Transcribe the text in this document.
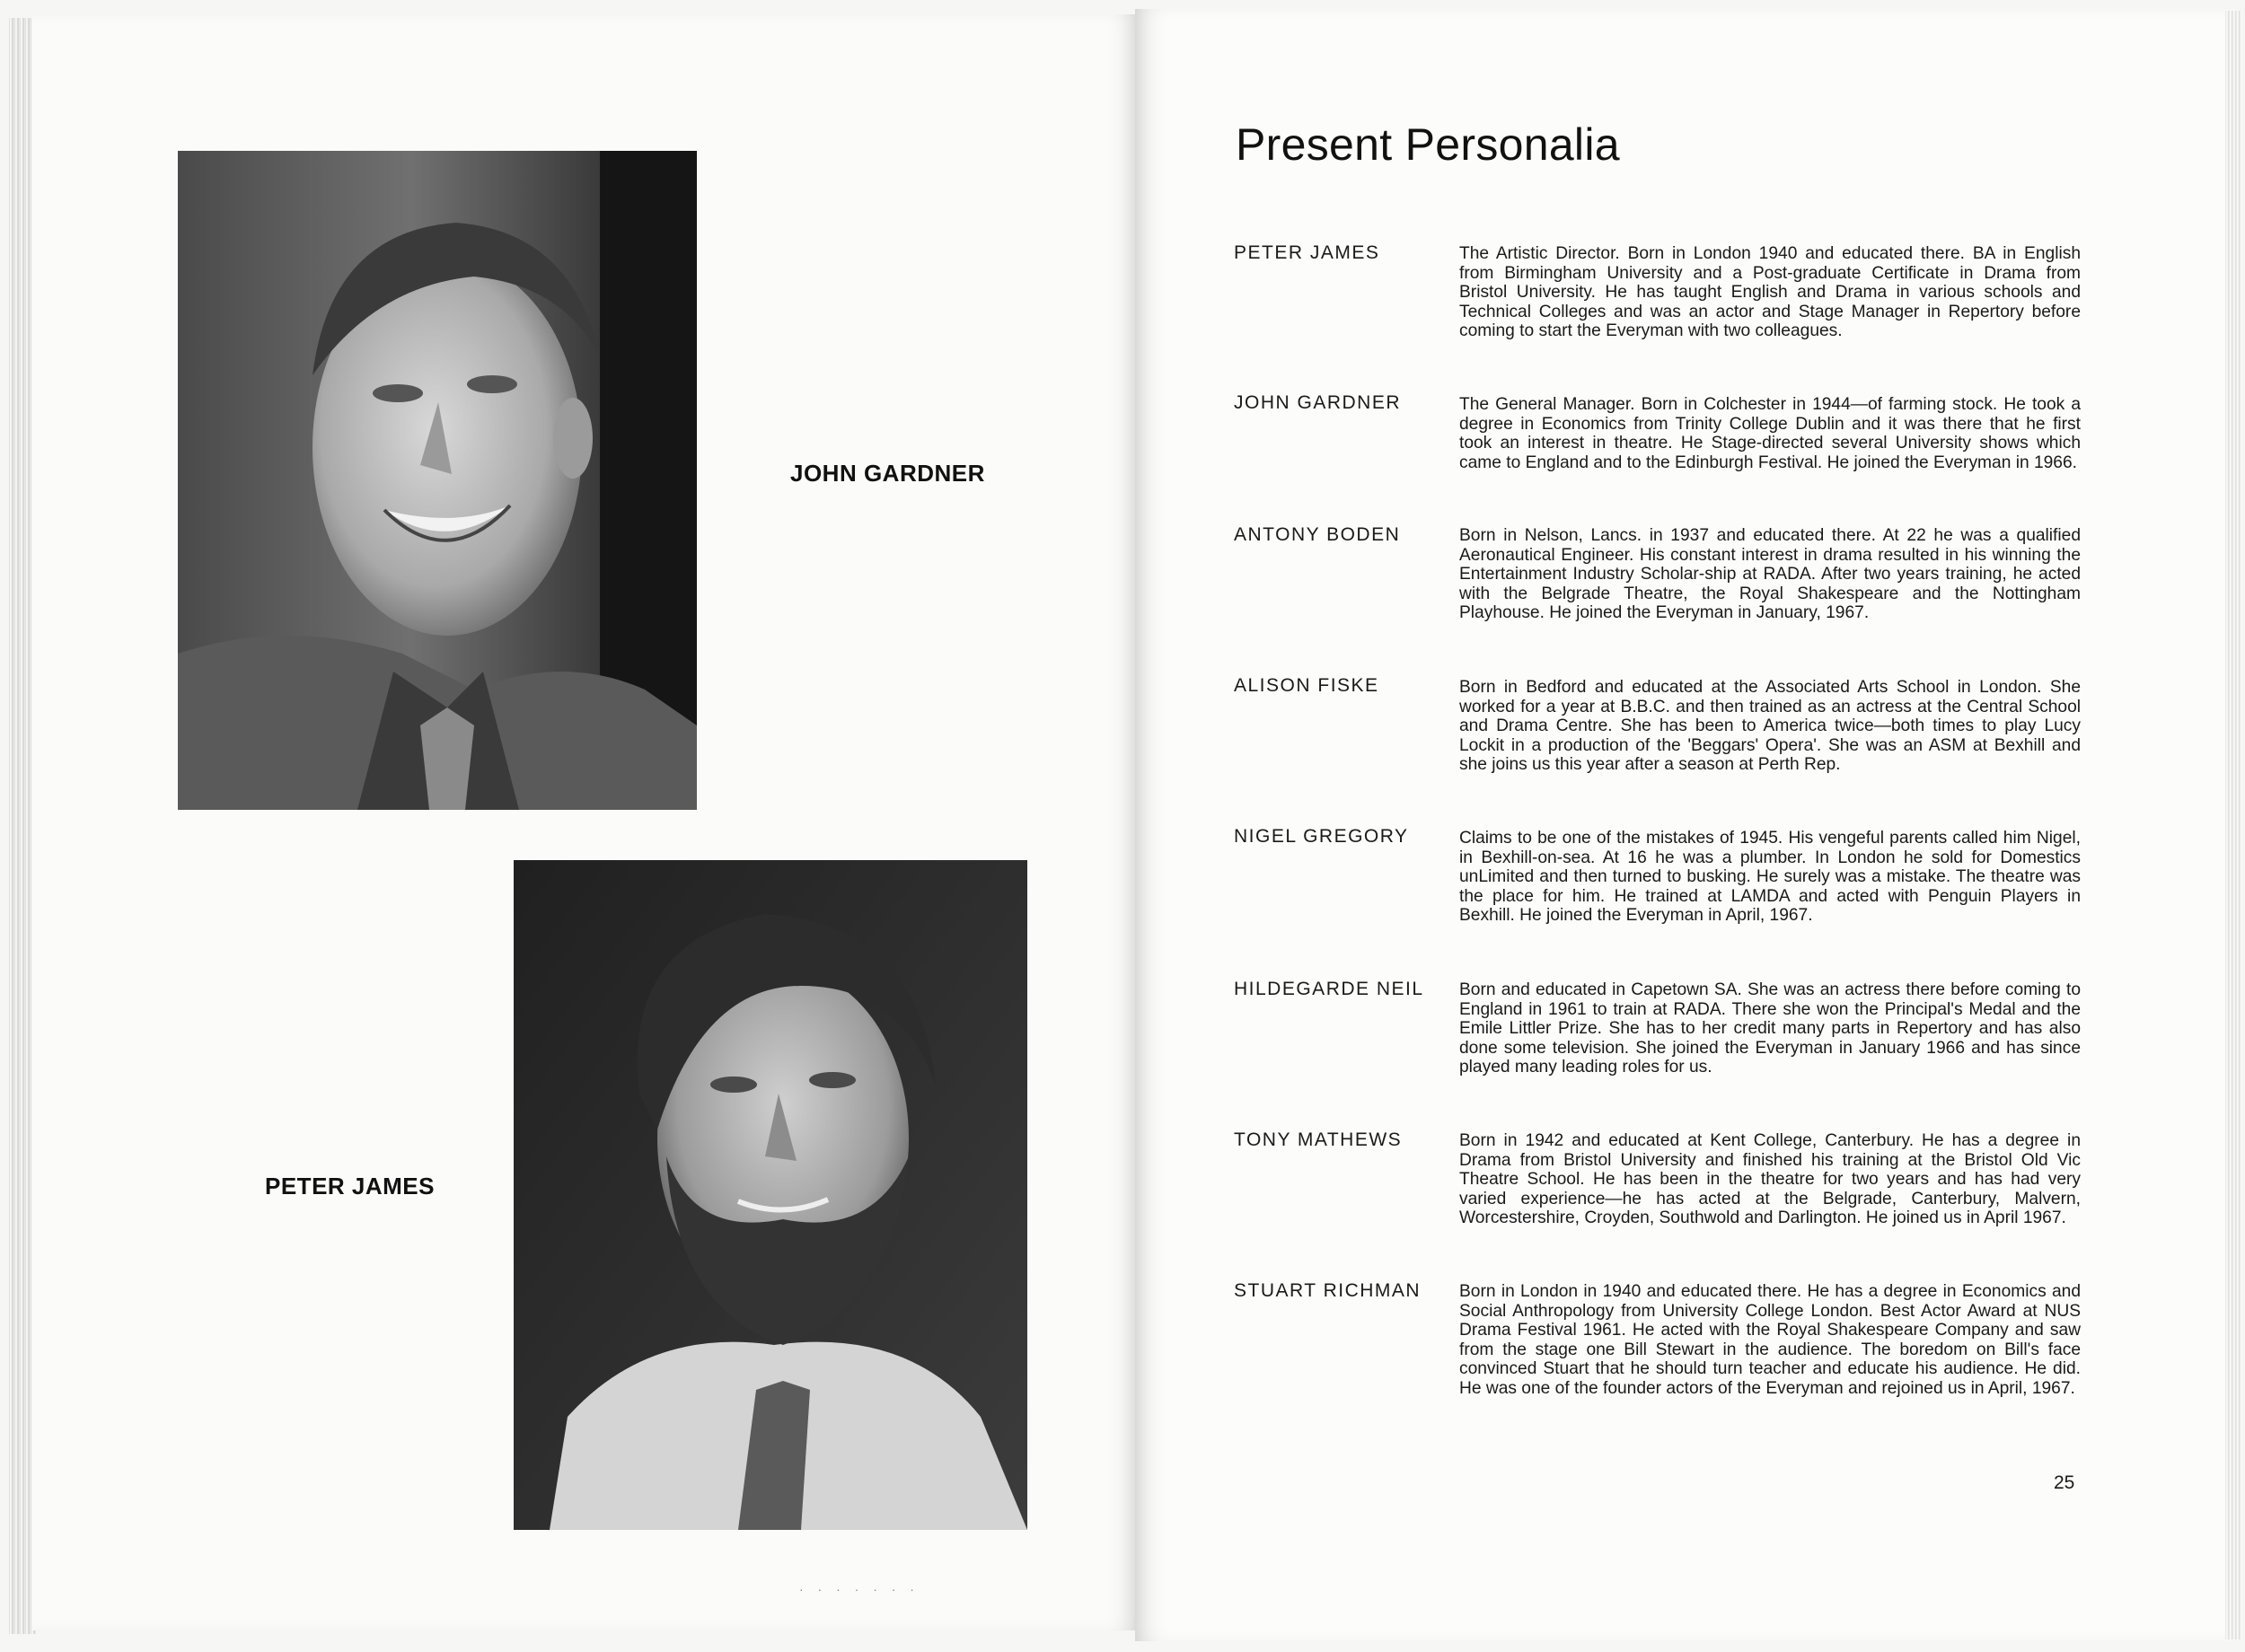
JOHN GARDNER
PETER JAMES
· · · · · · ·
Present Personalia
PETER JAMES	The Artistic Director. Born in London 1940 and educated there. BA in English from Birmingham University and a Post-graduate Certificate in Drama from Bristol University. He has taught English and Drama in various schools and Technical Colleges and was an actor and Stage Manager in Repertory before coming to start the Everyman with two colleagues.
JOHN GARDNER	The General Manager. Born in Colchester in 1944—of farming stock. He took a degree in Economics from Trinity College Dublin and it was there that he first took an interest in theatre. He Stage-directed several University shows which came to England and to the Edinburgh Festival. He joined the Everyman in 1966.
ANTONY BODEN	Born in Nelson, Lancs. in 1937 and educated there. At 22 he was a qualified Aeronautical Engineer. His constant interest in drama resulted in his winning the Entertainment Industry Scholar-ship at RADA. After two years training, he acted with the Belgrade Theatre, the Royal Shakespeare and the Nottingham Playhouse. He joined the Everyman in January, 1967.
ALISON FISKE	Born in Bedford and educated at the Associated Arts School in London. She worked for a year at B.B.C. and then trained as an actress at the Central School and Drama Centre. She has been to America twice—both times to play Lucy Lockit in a production of the 'Beggars' Opera'. She was an ASM at Bexhill and she joins us this year after a season at Perth Rep.
NIGEL GREGORY	Claims to be one of the mistakes of 1945. His vengeful parents called him Nigel, in Bexhill-on-sea. At 16 he was a plumber. In London he sold for Domestics unLimited and then turned to busking. He surely was a mistake. The theatre was the place for him. He trained at LAMDA and acted with Penguin Players in Bexhill. He joined the Everyman in April, 1967.
HILDEGARDE NEIL Born and educated in Capetown SA. She was an actress there before coming to England in 1961 to train at RADA. There she won the Principal's Medal and the Emile Littler Prize. She has to her credit many parts in Repertory and has also done some television. She joined the Everyman in January 1966 and has since played many leading roles for us.
TONY MATHEWS	Born in 1942 and educated at Kent College, Canterbury. He has a degree in Drama from Bristol University and finished his training at the Bristol Old Vic Theatre School. He has been in the theatre for two years and has had very varied experience—he has acted at the Belgrade, Canterbury, Malvern, Worcestershire, Croyden, Southwold and Darlington. He joined us in April 1967.
STUART RICHMAN Born in London in 1940 and educated there. He has a degree in Economics and Social Anthropology from University College London. Best Actor Award at NUS Drama Festival 1961. He acted with the Royal Shakespeare Company and saw from the stage one Bill Stewart in the audience. The boredom on Bill's face convinced Stuart that he should turn teacher and educate his audience. He did. He was one of the founder actors of the Everyman and rejoined us in April, 1967.
25
